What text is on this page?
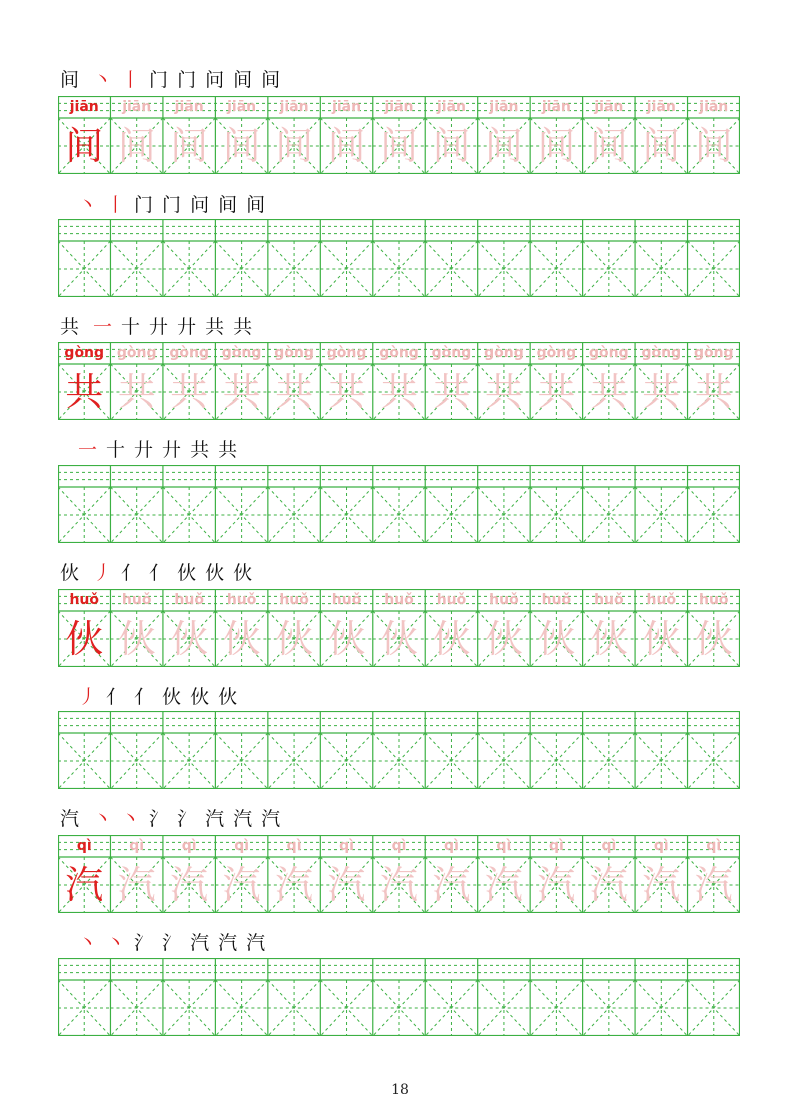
间 丶 丨 门 门 问 间 间
jiān
间
jiān
间
jiān
间
jiān
间
jiān
间
jiān
间
jiān
间
jiān
间
jiān
间
jiān
间
jiān
间
jiān
间
jiān
间
丶 丨 门 门 问 间 间
共 一 十 廾 廾 共 共
gòng
共
gòng
共
gòng
共
gòng
共
gòng
共
gòng
共
gòng
共
gòng
共
gòng
共
gòng
共
gòng
共
gòng
共
gòng
共
一 十 廾 廾 共 共
伙 丿 亻 亻 伙 伙 伙
huǒ
伙
huǒ
伙
huǒ
伙
huǒ
伙
huǒ
伙
huǒ
伙
huǒ
伙
huǒ
伙
huǒ
伙
huǒ
伙
huǒ
伙
huǒ
伙
huǒ
伙
丿 亻 亻 伙 伙 伙
汽 丶 丶 氵 氵 汽 汽 汽
qì
汽
qì
汽
qì
汽
qì
汽
qì
汽
qì
汽
qì
汽
qì
汽
qì
汽
qì
汽
qì
汽
qì
汽
qì
汽
丶 丶 氵 氵 汽 汽 汽
18
